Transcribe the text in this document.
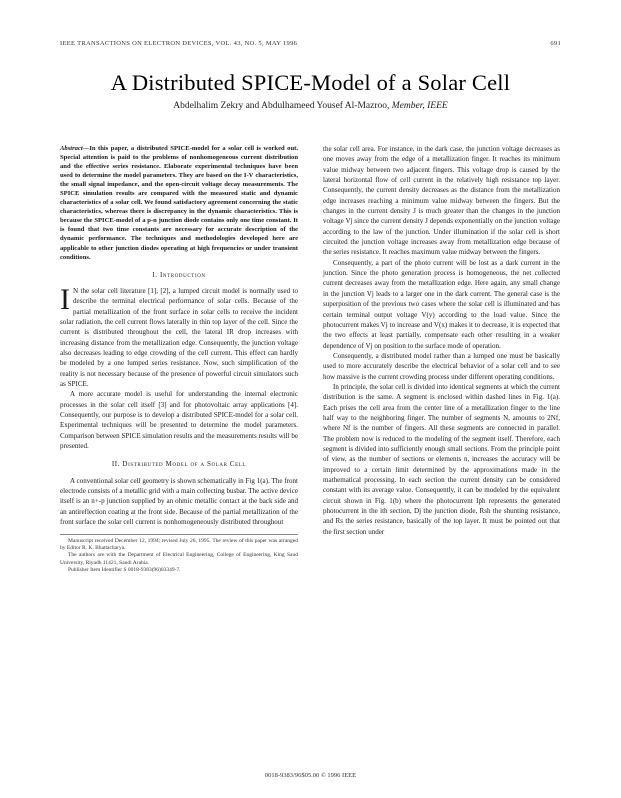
IEEE TRANSACTIONS ON ELECTRON DEVICES, VOL. 43, NO. 5, MAY 1996	691
A Distributed SPICE-Model of a Solar Cell
Abdelhalim Zekry and Abdulhameed Yousef Al-Mazroo, Member, IEEE

Abstract—In this paper, a distributed SPICE-model for a solar cell is worked out. Special attention is paid to the problems of nonhomogeneous current distribution and the effective series resistance. Elaborate experimental techniques have been used to determine the model parameters. They are based on the I-V characteristics, the small signal impedance, and the open-circuit voltage decay measurements. The SPICE simulation results are compared with the measured static and dynamic characteristics of a solar cell. We found satisfactory agreement concerning the static characteristics, whereas there is discrepancy in the dynamic characteristics. This is because the SPICE-model of a p-n junction diode contains only one time constant. It is found that two time constants are necessary for accurate description of the dynamic performance. The techniques and methodologies developed here are applicable to other junction diodes operating at high frequencies or under transient conditions.

I. Introduction

I N the solar cell literature [1], [2], a lumped circuit model is normally used to describe the terminal electrical performance of solar cells. Because of the partial metallization of the front surface in solar cells to receive the incident solar radiation, the cell current flows laterally in thin top layer of the cell. Since the current is distributed throughout the cell, the lateral IR drop increases with increasing distance from the metallization edge. Consequently, the junction voltage also decreases leading to edge crowding of the cell current. This effect can hardly be modeled by a one lumped series resistance. Now, such simplification of the reality is not necessary because of the presence of powerful circuit simulators such as SPICE.

A more accurate model is useful for understanding the internal electronic processes in the solar cell itself [3] and for photovoltaic array applications [4]. Consequently, our purpose is to develop a distributed SPICE-model for a solar cell. Experimental techniques will be presented to determine the model parameters. Comparison between SPICE simulation results and the measurements results will be presented.

II. Distributed Model of a Solar Cell

A conventional solar cell geometry is shown schematically in Fig 1(a). The front electrode consists of a metallic grid with a main collecting busbar. The active device itself is an n+-p junction supplied by an ohmic metallic contact at the back side and an antireflection coating at the front side. Because of the partial metallization of the front surface the solar cell current is nonhomogeneously distributed throughout

Manuscript received December 12, 1994; revised July 26, 1995. The review of this paper was arranged by Editor R. K. Bhattacharya.

The authors are with the Department of Electrical Engineering, College of Engineering, King Saud University, Riyadh 11421, Saudi Arabia.

Publisher Item Identifier S 0018-9383(96)03349-7.

the solar cell area. For instance, in the dark case, the junction voltage decreases as one moves away from the edge of a metallization finger. It reaches its minimum value midway between two adjacent fingers. This voltage drop is caused by the lateral horizontal flow of cell current in the relatively high resistance top layer. Consequently, the current density decreases as the distance from the metallization edge increases reaching a minimum value midway between the fingers. But the changes in the current density J is much greater than the changes in the junction voltage Vj since the current density J depends exponentially on the junction voltage according to the law of the junction. Under illumination if the solar cell is short circuited the junction voltage increases away from metallization edge because of the series resistance. It reaches maximum value midway between the fingers.

Consequently, a part of the photo current will be lost as a dark current in the junction. Since the photo generation process is homogeneous, the net collected current decreases away from the metallization edge. Here again, any small change in the junction Vj leads to a larger one in the dark current. The general case is the superposition of the previous two cases where the solar cell is illuminated and has certain terminal output voltage V(y) according to the load value. Since the photocurrent makes Vj to increase and V(x) makes it to decrease, it is expected that the two effects at least partially, compensate each other resulting in a weaker dependence of Vj on position to the surface mode of operation.

Consequently, a distributed model rather than a lumped one must be basically used to more accurately describe the electrical behavior of a solar cell and to see how massive is the current crowding process under different operating conditions.

In principle, the solar cell is divided into identical segments at which the current distribution is the same. A segment is enclosed within dashed lines in Fig. 1(a). Each prises the cell area from the center line of a metallization finger to the line half way to the neighboring finger. The number of segments N, amounts to 2Nf, where Nf is the number of fingers. All these segments are connected in parallel. The problem now is reduced to the modeling of the segment itself. Therefore, each segment is divided into sufficiently enough small sections. From the principle point of view, as the number of sections or elements n, increases the accuracy will be improved to a certain limit determined by the approximations made in the mathematical processing. In each section the current density can be considered constant with its average value. Consequently, it can be modeled by the equivalent circuit shown in Fig. 1(b) where the photocurrent Iph represents the generated photocurrent in the ith section, Dj the junction diode, Rsh the shunting resistance, and Rs the series resistance, basically of the top layer. It must be pointed out that the first section under

0018-9383/96$05.00 © 1996 IEEE
